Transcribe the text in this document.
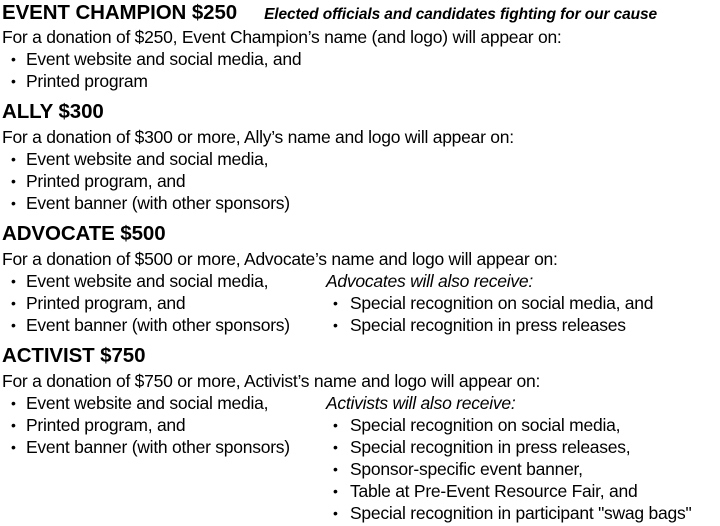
EVENT CHAMPION $250 Elected officials and candidates fighting for our cause
For a donation of $250, Event Champion’s name (and logo) will appear on:
• Event website and social media, and
• Printed program
ALLY $300
For a donation of $300 or more, Ally’s name and logo will appear on:
• Event website and social media,
• Printed program, and
• Event banner (with other sponsors)
ADVOCATE $500
For a donation of $500 or more, Advocate’s name and logo will appear on:
• Event website and social media,
• Printed program, and
• Event banner (with other sponsors)
Advocates will also receive:
• Special recognition on social media, and
• Special recognition in press releases
ACTIVIST $750
For a donation of $750 or more, Activist’s name and logo will appear on:
• Event website and social media,
• Printed program, and
• Event banner (with other sponsors)
Activists will also receive:
• Special recognition on social media,
• Special recognition in press releases,
• Sponsor-specific event banner,
• Table at Pre-Event Resource Fair, and
• Special recognition in participant "swag bags"
